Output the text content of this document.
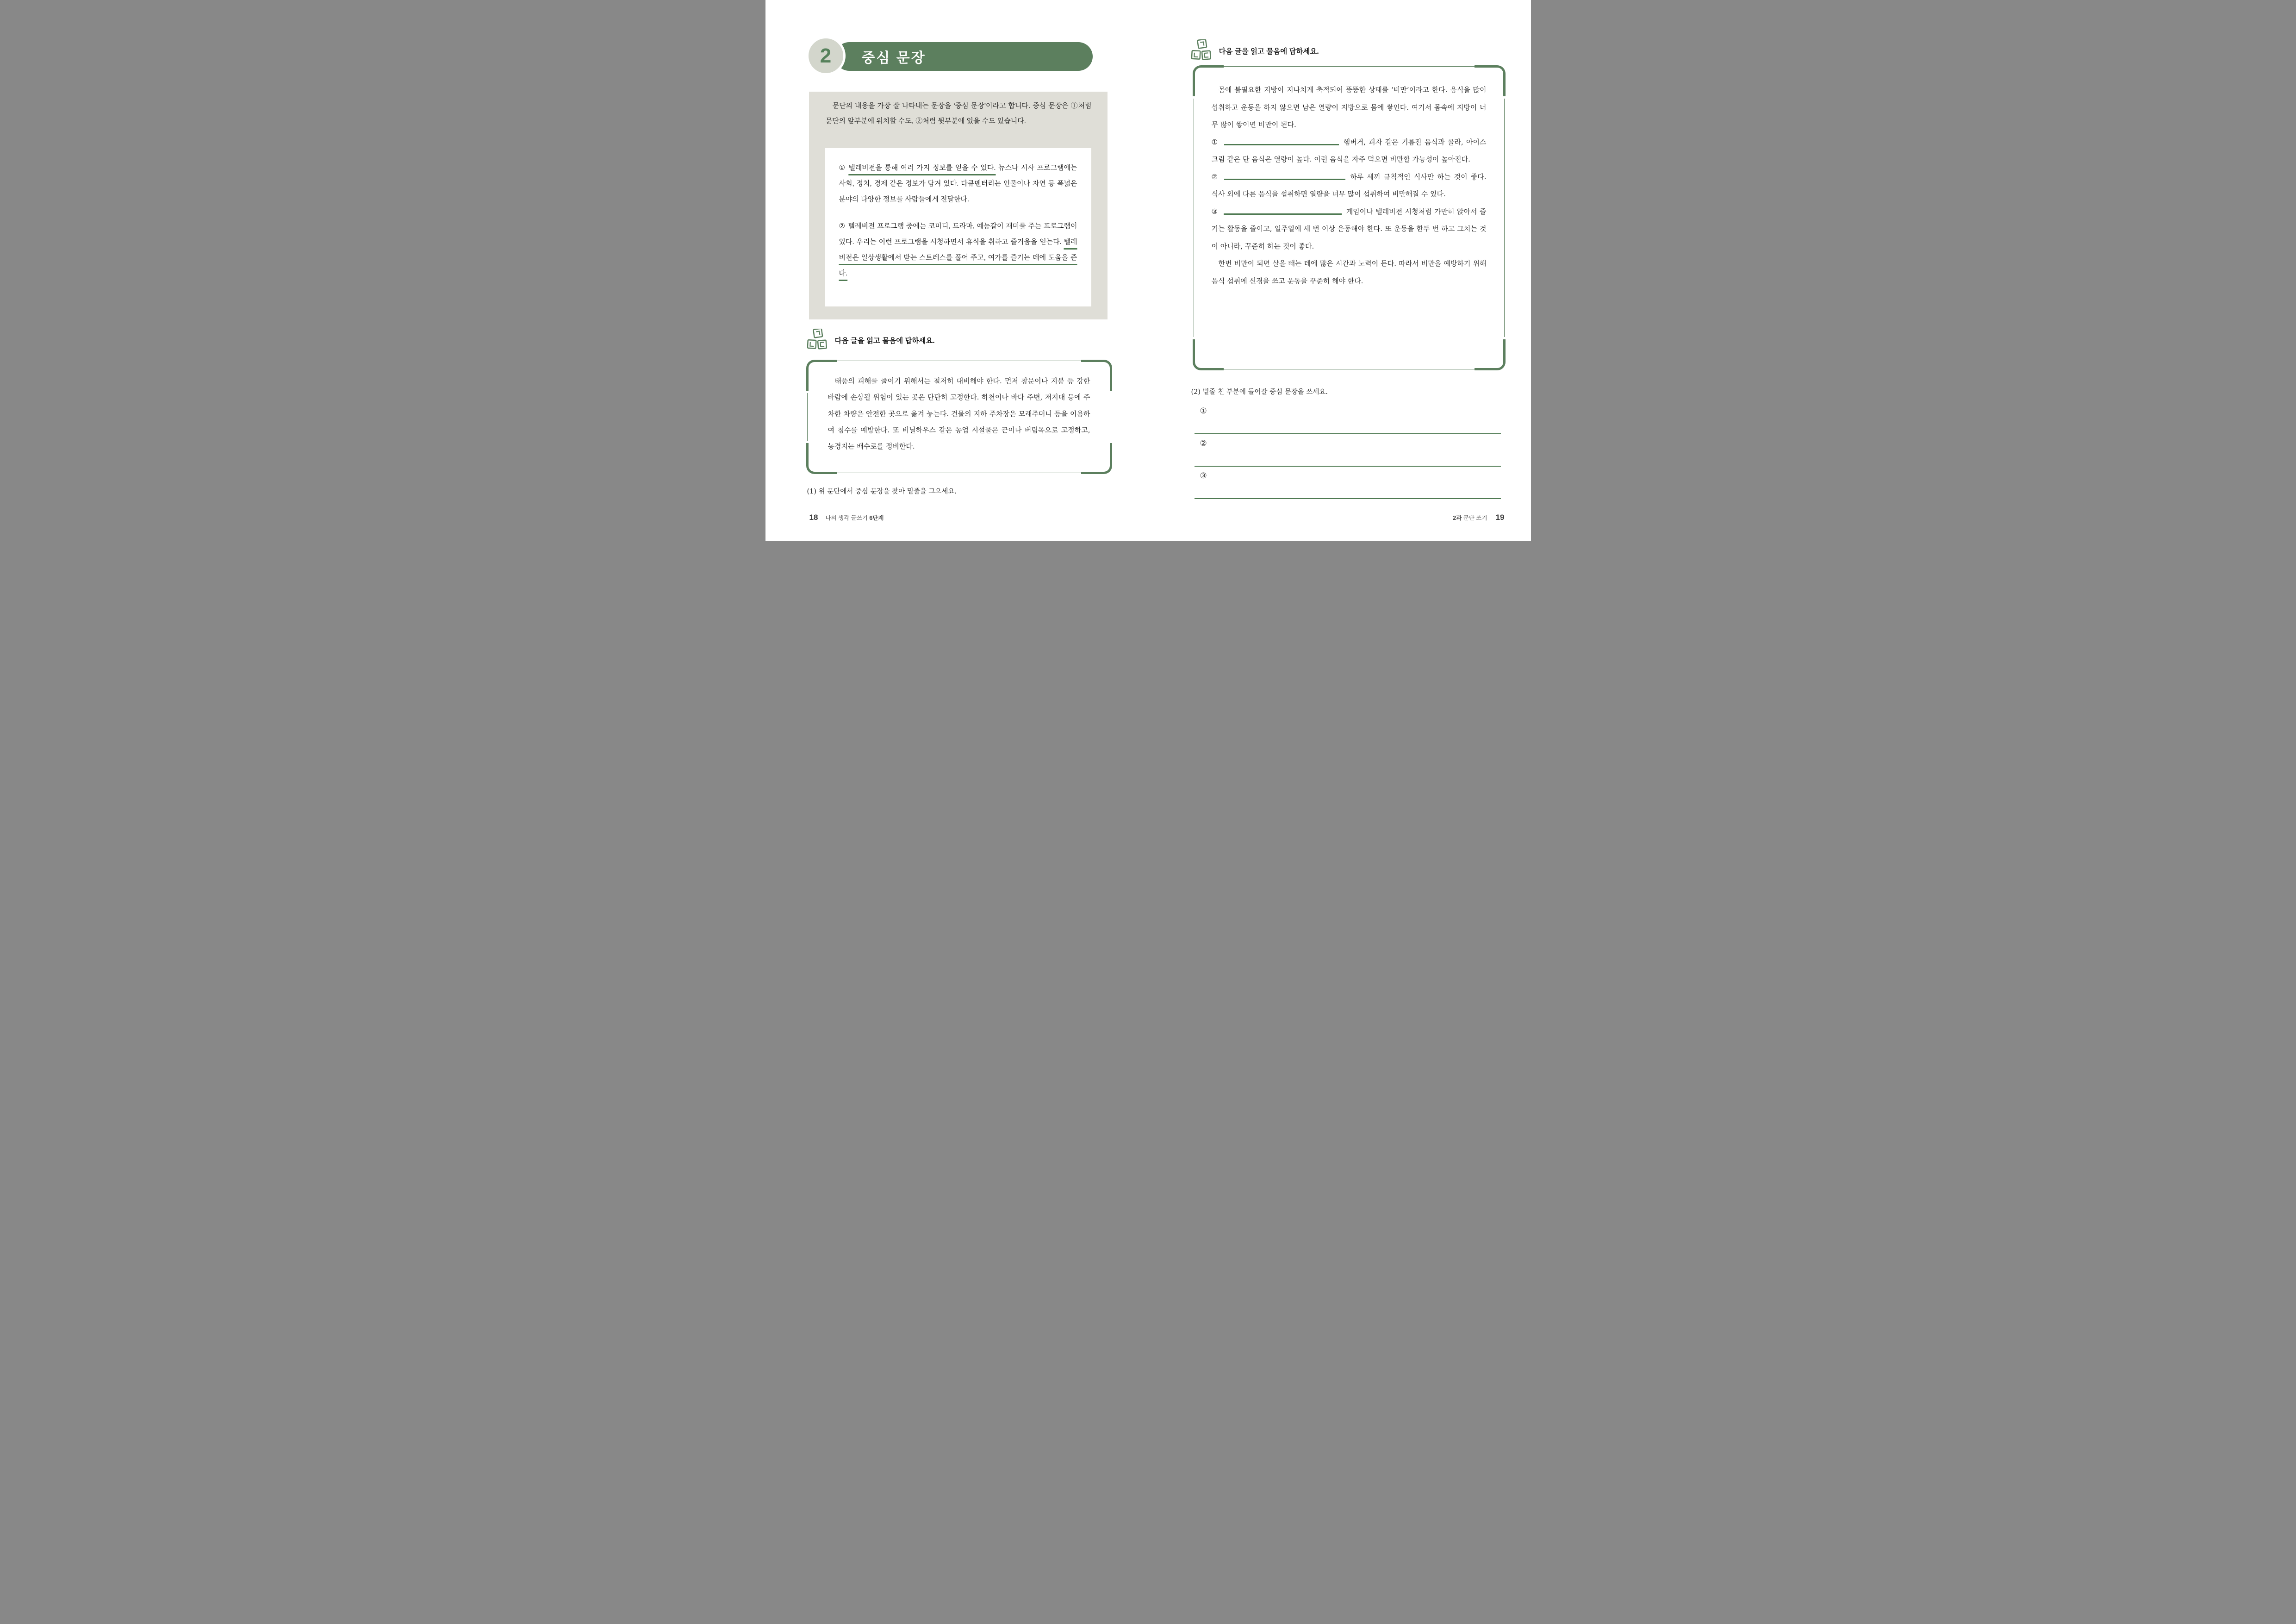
중심 문장
2
문단의 내용을 가장 잘 나타내는 문장을 ‘중심 문장’이라고 합니다. 중심 문장은 ①처럼 문단의 앞부분에 위치할 수도, ②처럼 뒷부분에 있을 수도 있습니다.

① 텔레비전을 통해 여러 가지 정보를 얻을 수 있다. 뉴스나 시사 프로그램에는 사회, 정치, 경제 같은 정보가 담겨 있다. 다큐멘터리는 인물이나 자연 등 폭넓은 분야의 다양한 정보를 사람들에게 전달한다.

② 텔레비전 프로그램 중에는 코미디, 드라마, 예능같이 재미를 주는 프로그램이 있다. 우리는 이런 프로그램을 시청하면서 휴식을 취하고 즐거움을 얻는다. 텔레비전은 일상생활에서 받는 스트레스를 풀어 주고, 여가를 즐기는 데에 도움을 준다.

다음 글을 읽고 물음에 답하세요.

태풍의 피해를 줄이기 위해서는 철저히 대비해야 한다. 먼저 창문이나 지붕 등 강한 바람에 손상될 위험이 있는 곳은 단단히 고정한다. 하천이나 바다 주변, 저지대 등에 주차한 차량은 안전한 곳으로 옮겨 놓는다. 건물의 지하 주차장은 모래주머니 등을 이용하여 침수를 예방한다. 또 비닐하우스 같은 농업 시설물은 끈이나 버팀목으로 고정하고, 농경지는 배수로를 정비한다.

(1) 위 문단에서 중심 문장을 찾아 밑줄을 그으세요.
18 나의 생각 글쓰기 6단계
다음 글을 읽고 물음에 답하세요.

몸에 불필요한 지방이 지나치게 축적되어 뚱뚱한 상태를 ‘비만’이라고 한다. 음식을 많이 섭취하고 운동을 하지 않으면 남은 열량이 지방으로 몸에 쌓인다. 여기서 몸속에 지방이 너무 많이 쌓이면 비만이 된다.

①	햄버거, 피자 같은 기름진 음식과 콜라, 아이스크림 같은 단 음식은 열량이 높다. 이런 음식을 자주 먹으면 비만할 가능성이 높아진다.

②	하루 세끼 규칙적인 식사만 하는 것이 좋다. 식사 외에 다른 음식을 섭취하면 열량을 너무 많이 섭취하여 비만해질 수 있다.

③	게임이나 텔레비전 시청처럼 가만히 앉아서 즐기는 활동을 줄이고, 일주일에 세 번 이상 운동해야 한다. 또 운동을 한두 번 하고 그치는 것이 아니라, 꾸준히 하는 것이 좋다.

한번 비만이 되면 살을 빼는 데에 많은 시간과 노력이 든다. 따라서 비만을 예방하기 위해 음식 섭취에 신경을 쓰고 운동을 꾸준히 해야 한다.

(2) 밑줄 친 부분에 들어갈 중심 문장을 쓰세요.
①
②
③
2과 문단 쓰기 19
